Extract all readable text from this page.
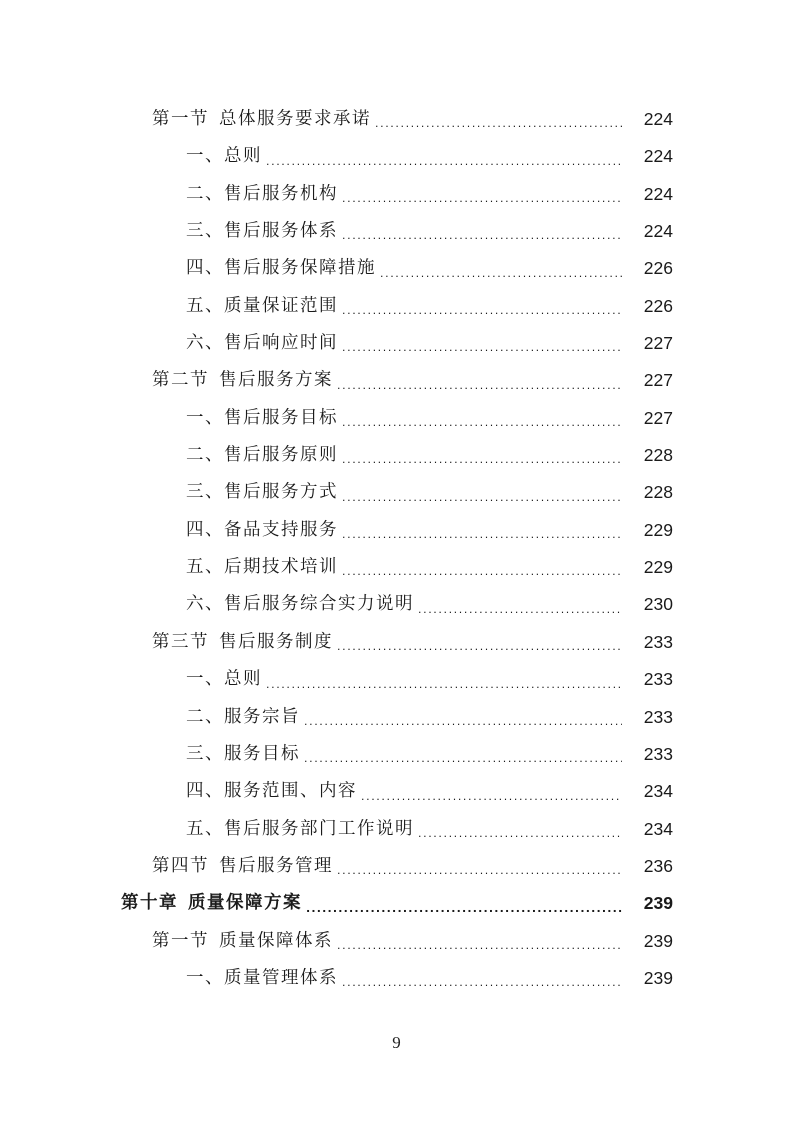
第一节 总体服务要求承诺 .....	224
一、总则 .....	224
二、售后服务机构 .....	224
三、售后服务体系 .....	224
四、售后服务保障措施 .....	226
五、质量保证范围 .....	226
六、售后响应时间 .....	227
第二节 售后服务方案 .....	227
一、售后服务目标 .....	227
二、售后服务原则 .....	228
三、售后服务方式 .....	228
四、备品支持服务 .....	229
五、后期技术培训 .....	229
六、售后服务综合实力说明 .....	230
第三节 售后服务制度 .....	233
一、总则 .....	233
二、服务宗旨 .....	233
三、服务目标 .....	233
四、服务范围、内容 .....	234
五、售后服务部门工作说明 .....	234
第四节 售后服务管理 .....	236
第十章 质量保障方案 .....	239
第一节 质量保障体系 .....	239
一、质量管理体系 .....	239
9
